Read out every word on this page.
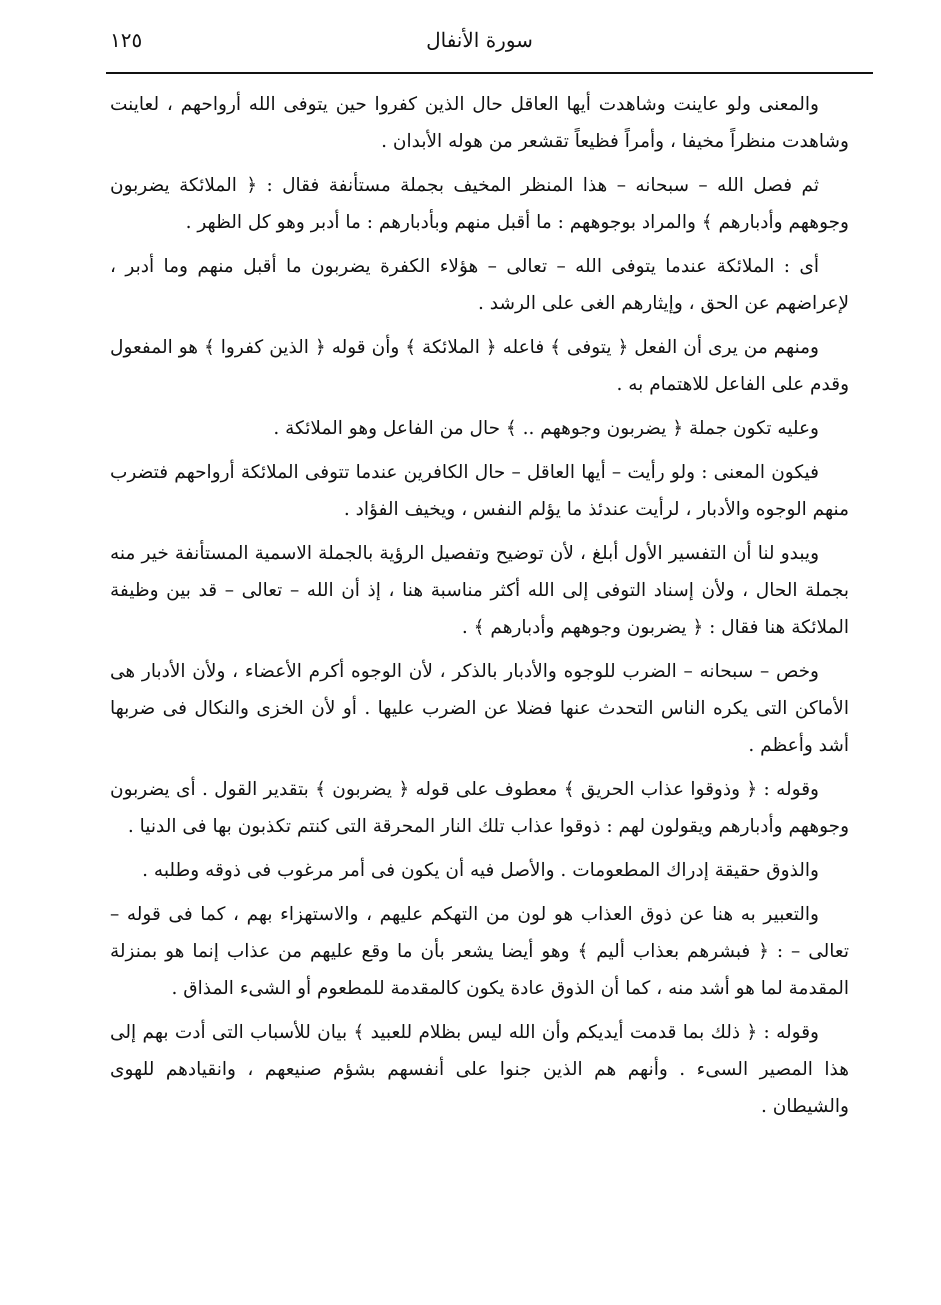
١٢٥	سورة الأنفال

والمعنى ولو عاينت وشاهدت أيها العاقل حال الذين كفروا حين يتوفى الله أرواحهم ، لعاينت وشاهدت منظراً مخيفا ، وأمراً فظيعاً تقشعر من هوله الأبدان .

ثم فصل الله – سبحانه – هذا المنظر المخيف بجملة مستأنفة فقال : ﴿ الملائكة يضربون وجوههم وأدبارهم ﴾ والمراد بوجوههم : ما أقبل منهم وبأدبارهم : ما أدبر وهو كل الظهر .

أى : الملائكة عندما يتوفى الله – تعالى – هؤلاء الكفرة يضربون ما أقبل منهم وما أدبر ، لإعراضهم عن الحق ، وإيثارهم الغى على الرشد .

ومنهم من يرى أن الفعل ﴿ يتوفى ﴾ فاعله ﴿ الملائكة ﴾ وأن قوله ﴿ الذين كفروا ﴾ هو المفعول وقدم على الفاعل للاهتمام به .

وعليه تكون جملة ﴿ يضربون وجوههم .. ﴾ حال من الفاعل وهو الملائكة .

فيكون المعنى : ولو رأيت – أيها العاقل – حال الكافرين عندما تتوفى الملائكة أرواحهم فتضرب منهم الوجوه والأدبار ، لرأيت عندئذ ما يؤلم النفس ، ويخيف الفؤاد .

ويبدو لنا أن التفسير الأول أبلغ ، لأن توضيح وتفصيل الرؤية بالجملة الاسمية المستأنفة خير منه بجملة الحال ، ولأن إسناد التوفى إلى الله أكثر مناسبة هنا ، إذ أن الله – تعالى – قد بين وظيفة الملائكة هنا فقال : ﴿ يضربون وجوههم وأدبارهم ﴾ .

وخص – سبحانه – الضرب للوجوه والأدبار بالذكر ، لأن الوجوه أكرم الأعضاء ، ولأن الأدبار هى الأماكن التى يكره الناس التحدث عنها فضلا عن الضرب عليها . أو لأن الخزى والنكال فى ضربها أشد وأعظم .

وقوله : ﴿ وذوقوا عذاب الحريق ﴾ معطوف على قوله ﴿ يضربون ﴾ بتقدير القول . أى يضربون وجوههم وأدبارهم ويقولون لهم : ذوقوا عذاب تلك النار المحرقة التى كنتم تكذبون بها فى الدنيا .

والذوق حقيقة إدراك المطعومات . والأصل فيه أن يكون فى أمر مرغوب فى ذوقه وطلبه .

والتعبير به هنا عن ذوق العذاب هو لون من التهكم عليهم ، والاستهزاء بهم ، كما فى قوله – تعالى – : ﴿ فبشرهم بعذاب أليم ﴾ وهو أيضا يشعر بأن ما وقع عليهم من عذاب إنما هو بمنزلة المقدمة لما هو أشد منه ، كما أن الذوق عادة يكون كالمقدمة للمطعوم أو الشىء المذاق .

وقوله : ﴿ ذلك بما قدمت أيديكم وأن الله ليس بظلام للعبيد ﴾ بيان للأسباب التى أدت بهم إلى هذا المصير السىء . وأنهم هم الذين جنوا على أنفسهم بشؤم صنيعهم ، وانقيادهم للهوى والشيطان .
